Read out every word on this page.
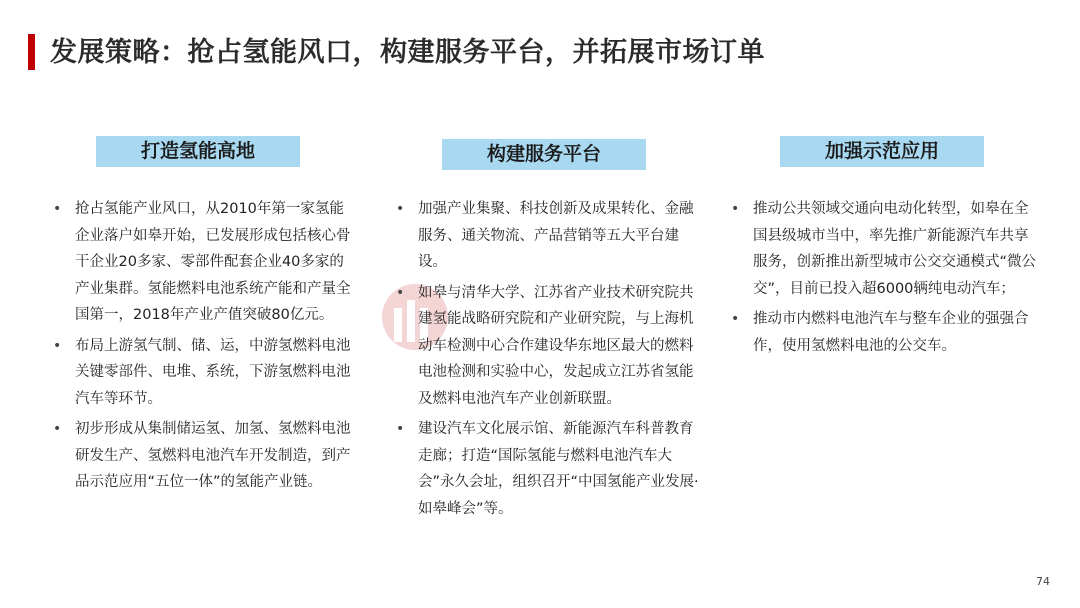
发展策略：抢占氢能风口，构建服务平台，并拓展市场订单
打造氢能高地
• 抢占氢能产业风口，从2010年第一家氢能企业落户如皋开始，已发展形成包括核心骨干企业20多家、零部件配套企业40多家的产业集群。氢能燃料电池系统产能和产量全国第一，2018年产业产值突破80亿元。
• 布局上游氢气制、储、运，中游氢燃料电池关键零部件、电堆、系统，下游氢燃料电池汽车等环节。
• 初步形成从集制储运氢、加氢、氢燃料电池研发生产、氢燃料电池汽车开发制造，到产品示范应用“五位一体”的氢能产业链。
构建服务平台
• 加强产业集聚、科技创新及成果转化、金融服务、通关物流、产品营销等五大平台建设。
• 如皋与清华大学、江苏省产业技术研究院共建氢能战略研究院和产业研究院，与上海机动车检测中心合作建设华东地区最大的燃料电池检测和实验中心，发起成立江苏省氢能及燃料电池汽车产业创新联盟。
• 建设汽车文化展示馆、新能源汽车科普教育走廊；打造“国际氢能与燃料电池汽车大会”永久会址，组织召开“中国氢能产业发展·如皋峰会”等。
加强示范应用
• 推动公共领域交通向电动化转型，如皋在全国县级城市当中，率先推广新能源汽车共享服务，创新推出新型城市公交交通模式“微公交”，目前已投入超6000辆纯电动汽车；
• 推动市内燃料电池汽车与整车企业的强强合作，使用氢燃料电池的公交车。
74
